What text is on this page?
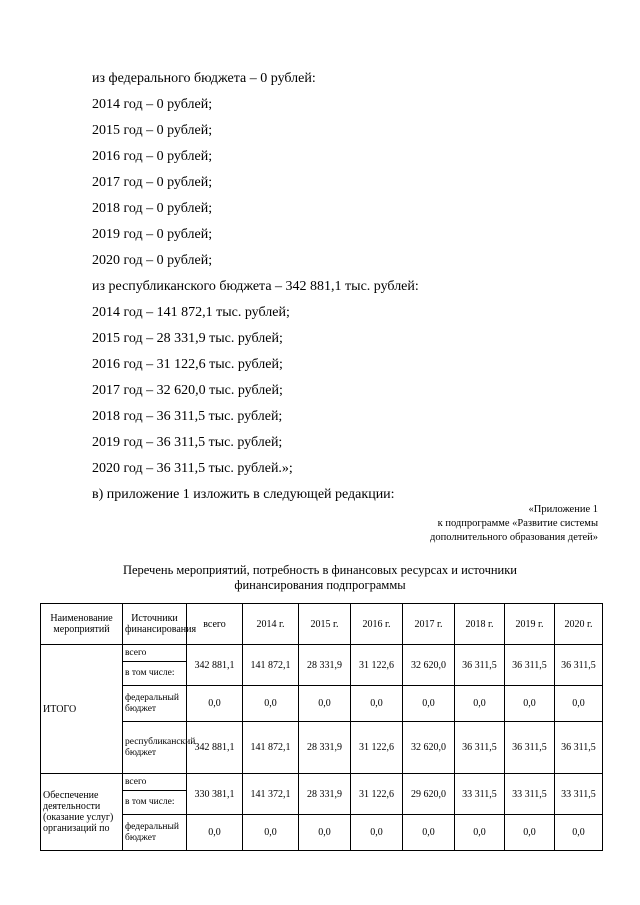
из федерального бюджета – 0 рублей:
2014 год – 0 рублей;
2015 год – 0 рублей;
2016 год – 0 рублей;
2017 год – 0 рублей;
2018 год – 0 рублей;
2019 год – 0 рублей;
2020 год – 0 рублей;
из республиканского бюджета – 342 881,1 тыс. рублей:
2014 год – 141 872,1 тыс. рублей;
2015 год – 28 331,9 тыс. рублей;
2016 год – 31 122,6 тыс. рублей;
2017 год – 32 620,0 тыс. рублей;
2018 год – 36 311,5 тыс. рублей;
2019 год – 36 311,5 тыс. рублей;
2020 год – 36 311,5 тыс. рублей.»;
в) приложение 1 изложить в следующей редакции:
«Приложение 1
к подпрограмме «Развитие системы
дополнительного образования детей»
Перечень мероприятий, потребность в финансовых ресурсах и источники
финансирования подпрограммы
Наименование мероприятий	Источники финансирования	всего	2014 г.	2015 г.	2016 г.	2017 г.	2018 г.	2019 г.	2020 г.
ИТОГО	всего	342 881,1	141 872,1	28 331,9	31 122,6	32 620,0	36 311,5	36 311,5	36 311,5
	в том числе:								
	федеральный бюджет	0,0	0,0	0,0	0,0	0,0	0,0	0,0	0,0
	республиканский бюджет	342 881,1	141 872,1	28 331,9	31 122,6	32 620,0	36 311,5	36 311,5	36 311,5
Обеспечение деятельности (оказание услуг) организаций по	всего	330 381,1	141 372,1	28 331,9	31 122,6	29 620,0	33 311,5	33 311,5	33 311,5
	в том числе:								
	федеральный бюджет	0,0	0,0	0,0	0,0	0,0	0,0	0,0	0,0
